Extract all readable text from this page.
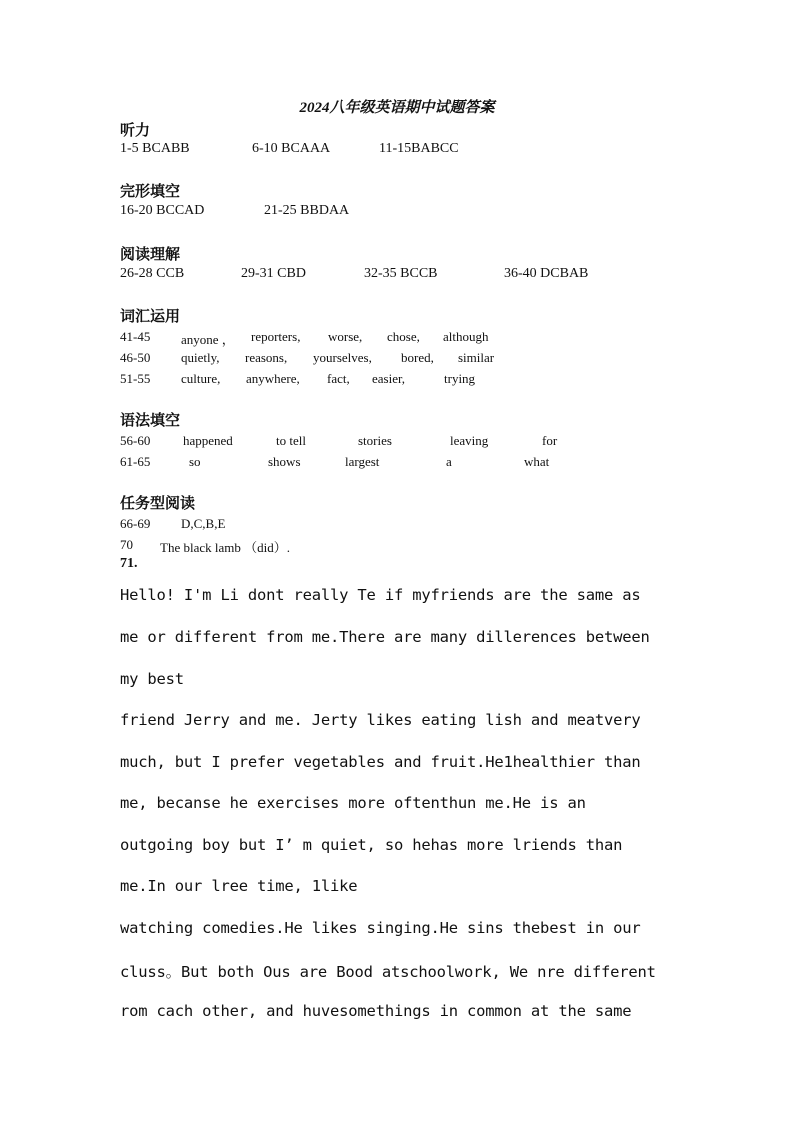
2024八年级英语期中试题答案
听力
1-5 BCABB	6-10 BCAAA	11-15BABCC
完形填空
16-20 BCCAD	21-25 BBDAA
阅读理解
26-28 CCB	29-31 CBD	32-35 BCCB	36-40 DCBAB
词汇运用
41-45 anyone ， reporters, worse, chose, although
46-50 quietly, reasons, yourselves, bored, similar
51-55 culture, anywhere, fact, easier,	trying
语法填空
56-60	happened	to tell	stories	leaving	for
61-65	so	shows	largest	a	what
任务型阅读
66-69 D,C,B,E
70 The black lamb （did）.
71.
Hello! I'm Li dont really Te if myfriends are the same as
me or different from me.There are many dillerences between
my best
friend Jerry and me. Jerty likes eating lish and meatvery
much, but I prefer vegetables and fruit.He1healthier than
me, becanse he exercises more oftenthun me.He is an
outgoing boy but I’ m quiet, so hehas more lriends than
me.In our lree time, 1like
watching comedies.He likes singing.He sins thebest in our
cluss。But both Ous are Bood atschoolwork, We nre different
rom cach other, and huvesomethings in common at the same
